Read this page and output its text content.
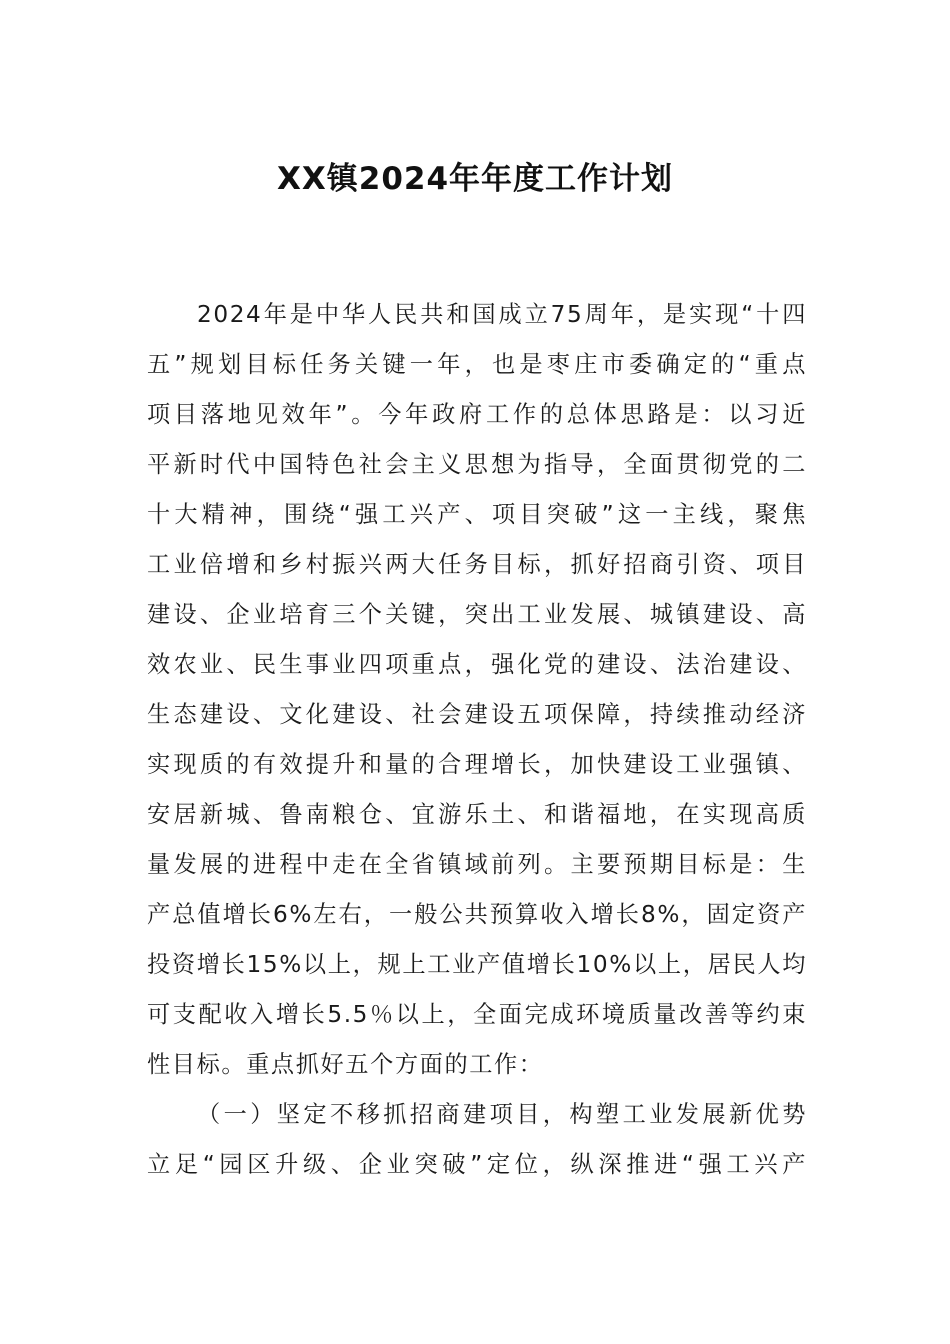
XX镇2024年年度工作计划
2024年是中华人民共和国成立75周年，是实现“十四
五”规划目标任务关键一年，也是枣庄市委确定的“重点
项目落地见效年”。今年政府工作的总体思路是：以习近
平新时代中国特色社会主义思想为指导，全面贯彻党的二
十大精神，围绕“强工兴产、项目突破”这一主线，聚焦
工业倍增和乡村振兴两大任务目标，抓好招商引资、项目
建设、企业培育三个关键，突出工业发展、城镇建设、高
效农业、民生事业四项重点，强化党的建设、法治建设、
生态建设、文化建设、社会建设五项保障，持续推动经济
实现质的有效提升和量的合理增长，加快建设工业强镇、
安居新城、鲁南粮仓、宜游乐土、和谐福地，在实现高质
量发展的进程中走在全省镇域前列。主要预期目标是：生
产总值增长6%左右，一般公共预算收入增长8%，固定资产
投资增长15%以上，规上工业产值增长10%以上，居民人均
可支配收入增长5.5％以上，全面完成环境质量改善等约束
性目标。重点抓好五个方面的工作：
（一）坚定不移抓招商建项目，构塑工业发展新优势
立足“园区升级、企业突破”定位，纵深推进“强工兴产
